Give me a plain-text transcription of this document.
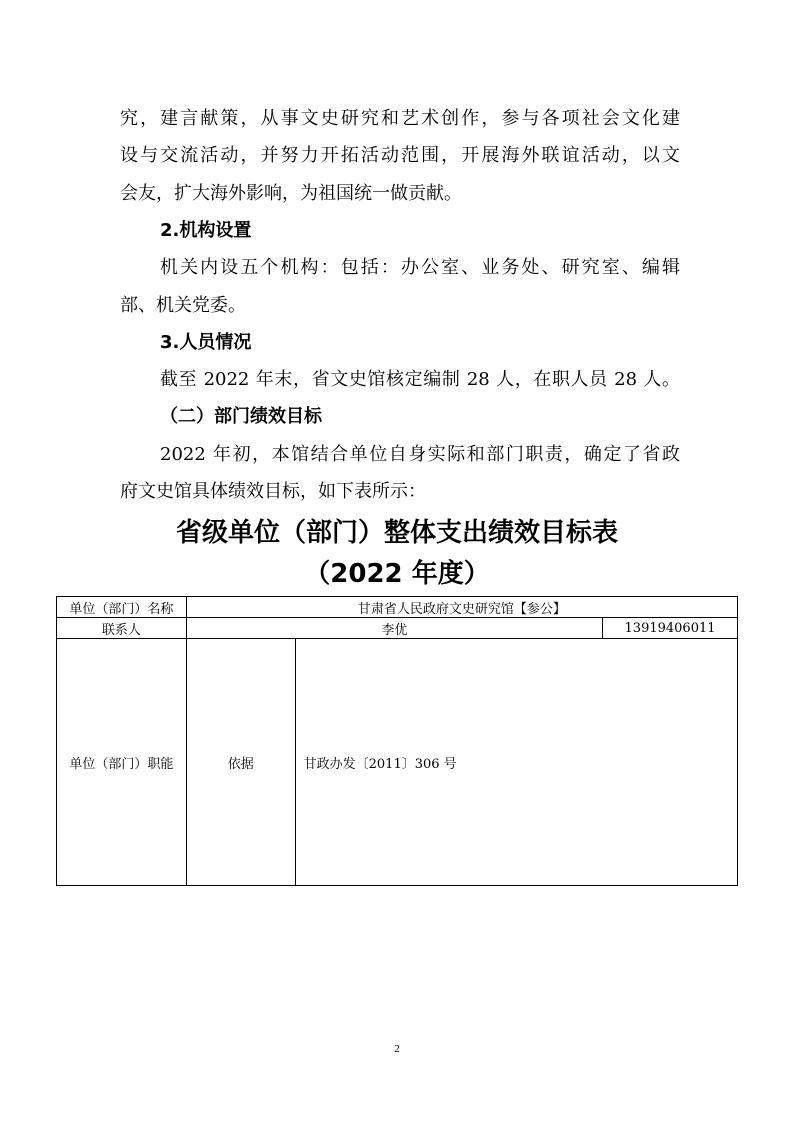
究，建言献策，从事文史研究和艺术创作，参与各项社会文化建
设与交流活动，并努力开拓活动范围，开展海外联谊活动，以文
会友，扩大海外影响，为祖国统一做贡献。
2.机构设置
机关内设五个机构：包括：办公室、业务处、研究室、编辑
部、机关党委。
3.人员情况
截至 2022 年末，省文史馆核定编制 28 人，在职人员 28 人。
（二）部门绩效目标
2022 年初，本馆结合单位自身实际和部门职责，确定了省政
府文史馆具体绩效目标，如下表所示：
省级单位（部门）整体支出绩效目标表
（2022 年度）
单位（部门）名称	甘肃省人民政府文史研究馆【参公】		
联系人	李优		13919406011
单位（部门）职能	依据	甘政办发〔2011〕306 号	
2
